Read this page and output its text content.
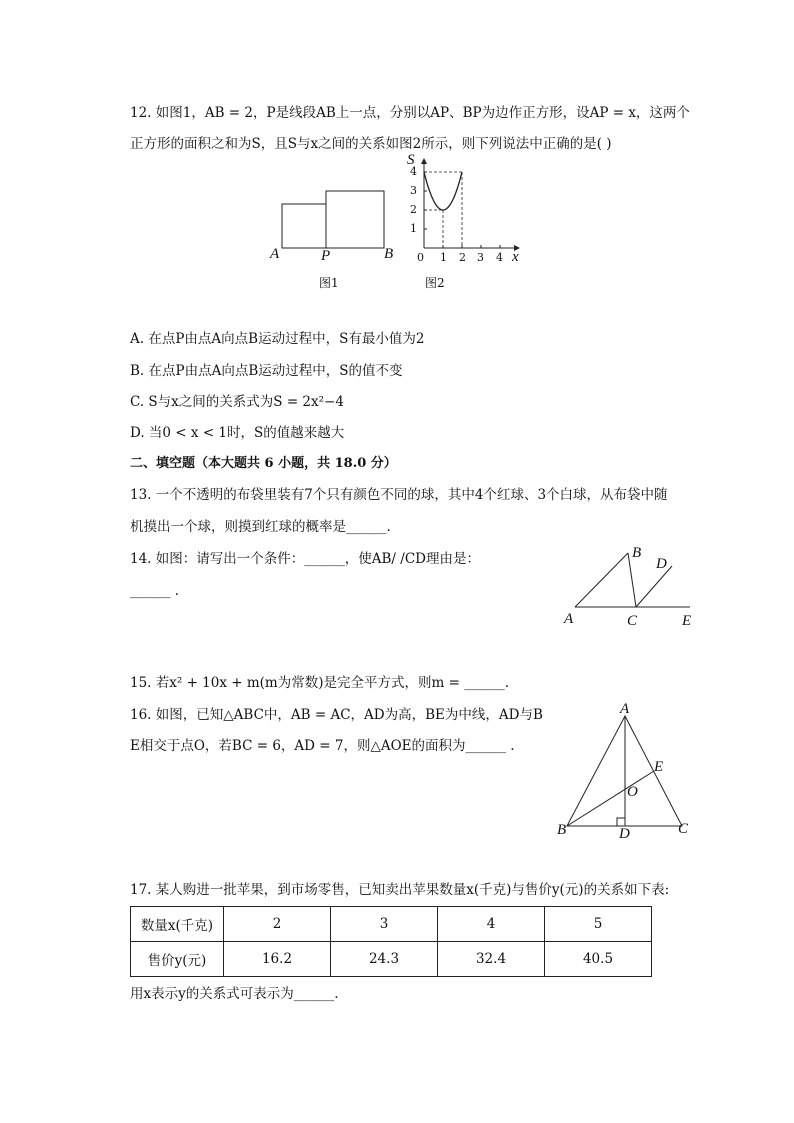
12. 如图1，AB = 2，P是线段AB上一点，分别以AP、BP为边作正方形，设AP = x，这两个
正方形的面积之和为S，且S与x之间的关系如图2所示，则下列说法中正确的是( )
A	P	B
图1
S
x
0 1 2 3 4
1
2
3
4
图2
A. 在点P由点A向点B运动过程中，S有最小值为2
B. 在点P由点A向点B运动过程中，S的值不变
C. S与x之间的关系式为S = 2x²−4
D. 当0 < x < 1时，S的值越来越大
二、填空题（本大题共 6 小题，共 18.0 分）
13. 一个不透明的布袋里装有7个只有颜色不同的球，其中4个红球、3个白球，从布袋中随
机摸出一个球，则摸到红球的概率是______.
14. 如图：请写出一个条件：______，使AB/ /CD理由是：
______ .
A
B
C
D
E
15. 若x² + 10x + m(m为常数)是完全平方式，则m = ______.
16. 如图，已知△ABC中，AB = AC，AD为高，BE为中线，AD与B
E相交于点O，若BC = 6，AD = 7，则△AOE的面积为______ .
A
B	C
D
E
O
17. 某人购进一批苹果，到市场零售，已知卖出苹果数量x(千克)与售价y(元)的关系如下表:
数量x(千克)	2	3	4	5
售价y(元)	16.2	24.3	32.4	40.5
用x表示y的关系式可表示为______.
